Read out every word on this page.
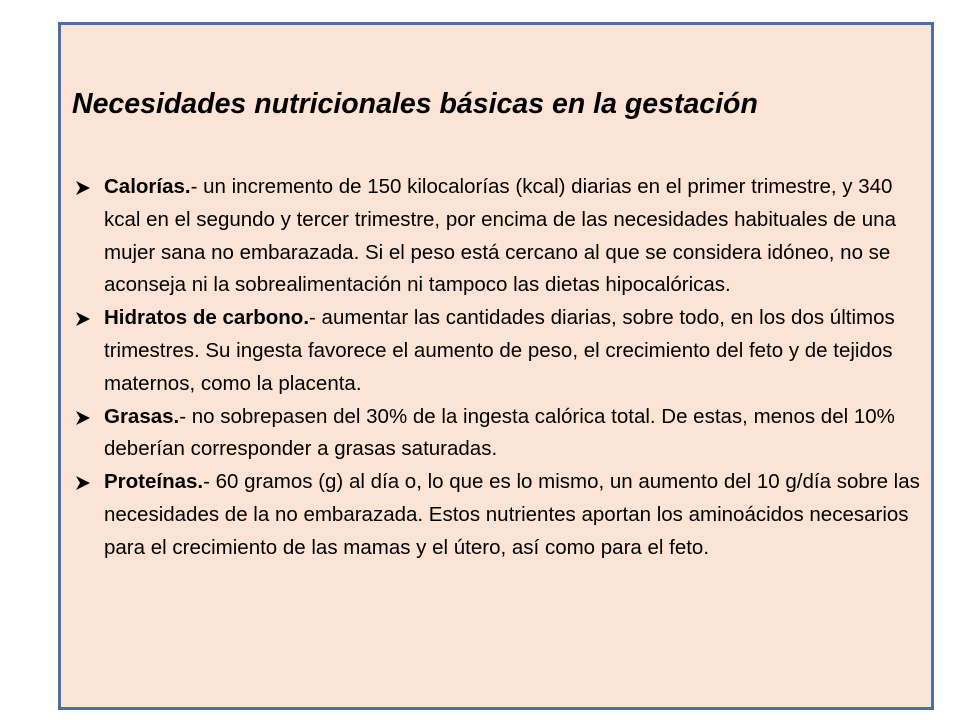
Necesidades nutricionales básicas en la gestación
Calorías.- un incremento de 150 kilocalorías (kcal) diarias en el primer trimestre, y 340 kcal en el segundo y tercer trimestre, por encima de las necesidades habituales de una mujer sana no embarazada. Si el peso está cercano al que se considera idóneo, no se aconseja ni la sobrealimentación ni tampoco las dietas hipocalóricas.
Hidratos de carbono.- aumentar las cantidades diarias, sobre todo, en los dos últimos trimestres. Su ingesta favorece el aumento de peso, el crecimiento del feto y de tejidos maternos, como la placenta.
Grasas.- no sobrepasen del 30% de la ingesta calórica total. De estas, menos del 10% deberían corresponder a grasas saturadas.
Proteínas.- 60 gramos (g) al día o, lo que es lo mismo, un aumento del 10 g/día sobre las necesidades de la no embarazada. Estos nutrientes aportan los aminoácidos necesarios para el crecimiento de las mamas y el útero, así como para el feto.
